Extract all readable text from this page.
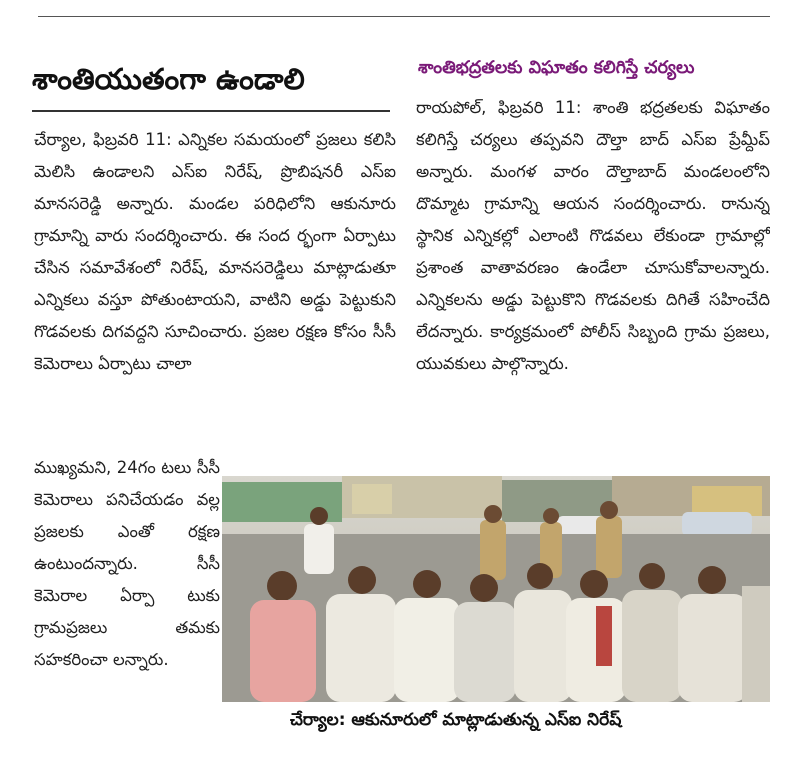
శాంతియుతంగా ఉండాలి
చేర్యాల, ఫిబ్రవరి 11: ఎన్నికల సమయంలో ప్రజలు కలిసి మెలిసి ఉండాలని ఎస్ఐ నిరేష్, ప్రొబిషనరీ ఎస్ఐ మానసరెడ్డి అన్నారు. మండల పరిధిలోని ఆకునూరు గ్రామాన్ని వారు సందర్శించారు. ఈ సంద ర్భంగా ఏర్పాటు చేసిన సమావేశంలో నిరేష్, మానసరెడ్డిలు మాట్లాడుతూ ఎన్నికలు వస్తూ పోతుంటాయని, వాటిని అడ్డు పెట్టుకుని గొడవలకు దిగవద్దని సూచించారు. ప్రజల రక్షణ కోసం సీసీ కెమెరాలు ఏర్పాటు చాలా
ముఖ్యమని, 24గం టలు సీసీ కెమెరాలు పనిచేయడం వల్ల ప్రజలకు ఎంతో రక్షణ ఉంటుందన్నారు. సీసీ కెమెరాల ఏర్పా టుకు గ్రామప్రజలు తమకు సహకరించా లన్నారు.
శాంతిభద్రతలకు విఘాతం కలిగిస్తే చర్యలు
రాయపోల్, ఫిబ్రవరి 11: శాంతి భద్రతలకు విఘాతం కలిగిస్తే చర్యలు తప్పవని దౌల్తా బాద్ ఎస్ఐ ప్రేమ్దీప్ అన్నారు. మంగళ వారం దౌల్తాబాద్ మండలంలోని దొమ్మాట గ్రామాన్ని ఆయన సందర్శించారు. రానున్న స్థానిక ఎన్నికల్లో ఎలాంటి గొడవలు లేకుండా గ్రామాల్లో ప్రశాంత వాతావరణం ఉండేలా చూసుకోవాలన్నారు. ఎన్నికలను అడ్డు పెట్టుకొని గొడవలకు దిగితే సహించేది లేదన్నారు. కార్యక్రమంలో పోలీస్ సిబ్బంది గ్రామ ప్రజలు, యువకులు పాల్గొన్నారు.
చేర్యాల: ఆకునూరులో మాట్లాడుతున్న ఎస్ఐ నిరేష్
